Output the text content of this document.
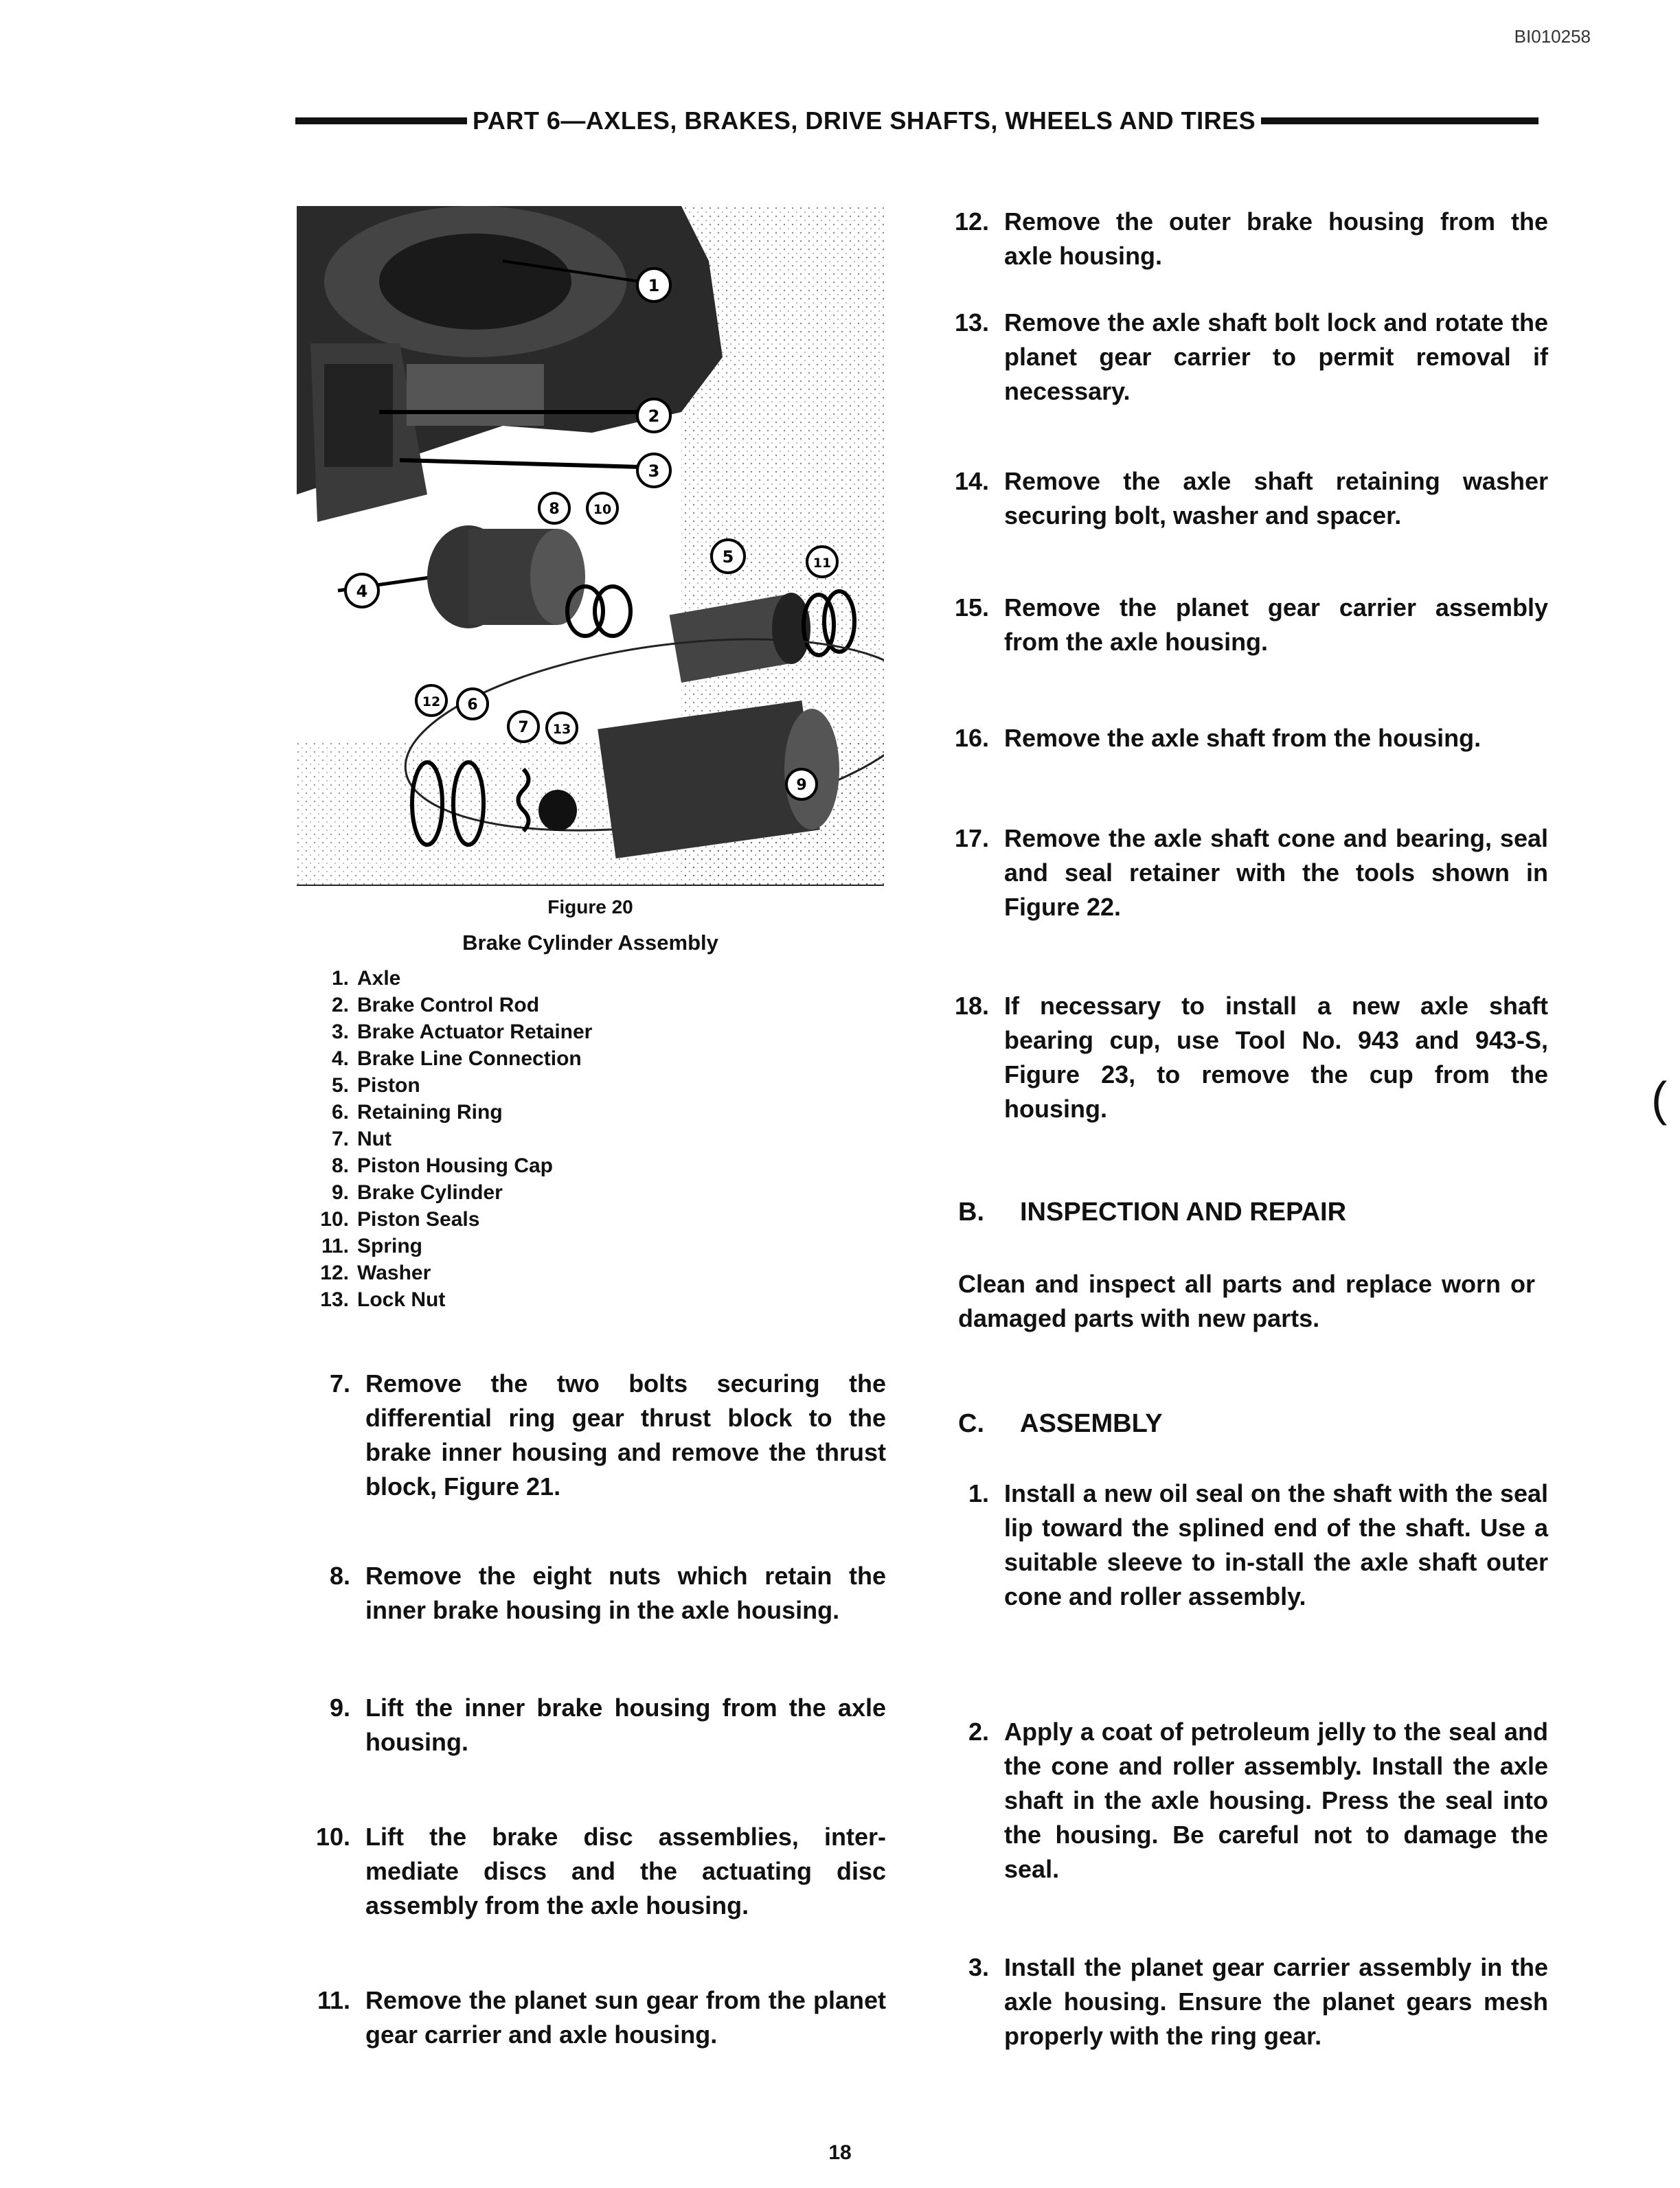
BI010258
PART 6—AXLES, BRAKES, DRIVE SHAFTS, WHEELS AND TIRES
1
2
3
4
5
6
7
8
9
10
11
12
13
Figure 20
Brake Cylinder Assembly
1. Axle
2. Brake Control Rod
3. Brake Actuator Retainer
4. Brake Line Connection
5. Piston
6. Retaining Ring
7. Nut
8. Piston Housing Cap
9. Brake Cylinder
10. Piston Seals
11. Spring
12. Washer
13. Lock Nut
7. Remove the two bolts securing the differential ring gear thrust block to the brake inner housing and remove the thrust block, Figure 21.
8. Remove the eight nuts which retain the inner brake housing in the axle housing.
9. Lift the inner brake housing from the axle housing.
10. Lift the brake disc assemblies, inter-mediate discs and the actuating disc assembly from the axle housing.
11. Remove the planet sun gear from the planet gear carrier and axle housing.
12. Remove the outer brake housing from the axle housing.
13. Remove the axle shaft bolt lock and rotate the planet gear carrier to permit removal if necessary.
14. Remove the axle shaft retaining washer securing bolt, washer and spacer.
15. Remove the planet gear carrier assembly from the axle housing.
16. Remove the axle shaft from the housing.
17. Remove the axle shaft cone and bearing, seal and seal retainer with the tools shown in Figure 22.
18. If necessary to install a new axle shaft bearing cup, use Tool No. 943 and 943-S, Figure 23, to remove the cup from the housing.
B.	INSPECTION AND REPAIR
Clean and inspect all parts and replace worn or damaged parts with new parts.
C.	ASSEMBLY
1. Install a new oil seal on the shaft with the seal lip toward the splined end of the shaft. Use a suitable sleeve to in-stall the axle shaft outer cone and roller assembly.
2. Apply a coat of petroleum jelly to the seal and the cone and roller assembly. Install the axle shaft in the axle housing. Press the seal into the housing. Be careful not to damage the seal.
3. Install the planet gear carrier assembly in the axle housing. Ensure the planet gears mesh properly with the ring gear.
(
18
